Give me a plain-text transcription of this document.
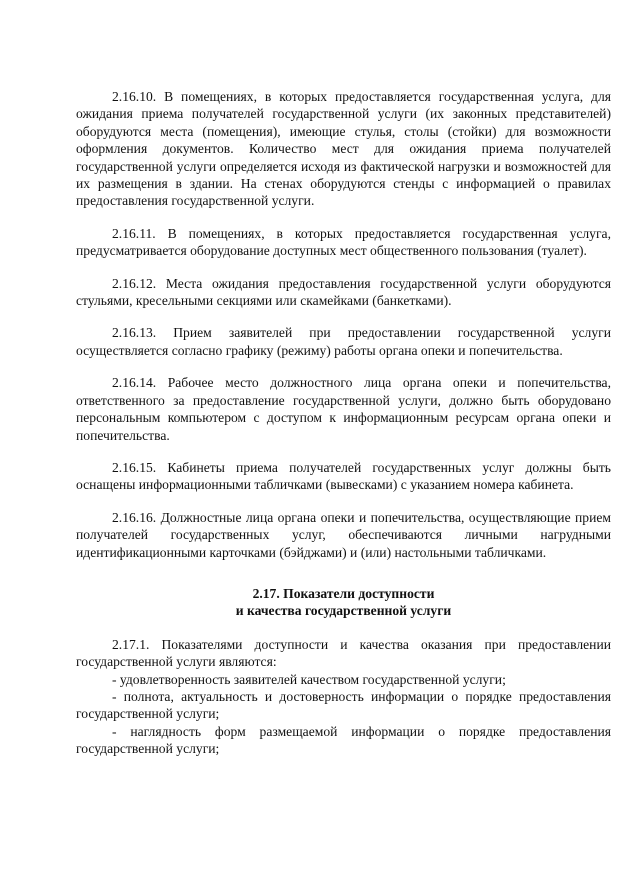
2.16.10. В помещениях, в которых предоставляется государственная услуга, для ожидания приема получателей государственной услуги (их законных представителей) оборудуются места (помещения), имеющие стулья, столы (стойки) для возможности оформления документов. Количество мест для ожидания приема получателей государственной услуги определяется исходя из фактической нагрузки и возможностей для их размещения в здании. На стенах оборудуются стенды с информацией о правилах предоставления государственной услуги.

2.16.11. В помещениях, в которых предоставляется государственная услуга, предусматривается оборудование доступных мест общественного пользования (туалет).

2.16.12. Места ожидания предоставления государственной услуги оборудуются стульями, кресельными секциями или скамейками (банкетками).

2.16.13. Прием заявителей при предоставлении государственной услуги осуществляется согласно графику (режиму) работы органа опеки и попечительства.

2.16.14. Рабочее место должностного лица органа опеки и попечительства, ответственного за предоставление государственной услуги, должно быть оборудовано персональным компьютером с доступом к информационным ресурсам органа опеки и попечительства.

2.16.15. Кабинеты приема получателей государственных услуг должны быть оснащены информационными табличками (вывесками) с указанием номера кабинета.

2.16.16. Должностные лица органа опеки и попечительства, осуществляющие прием получателей государственных услуг, обеспечиваются личными нагрудными идентификационными карточками (бэйджами) и (или) настольными табличками.

2.17. Показатели доступности
и качества государственной услуги

2.17.1. Показателями доступности и качества оказания при предоставлении государственной услуги являются:

- удовлетворенность заявителей качеством государственной услуги;

- полнота, актуальность и достоверность информации о порядке предоставления государственной услуги;

- наглядность форм размещаемой информации о порядке предоставления государственной услуги;
